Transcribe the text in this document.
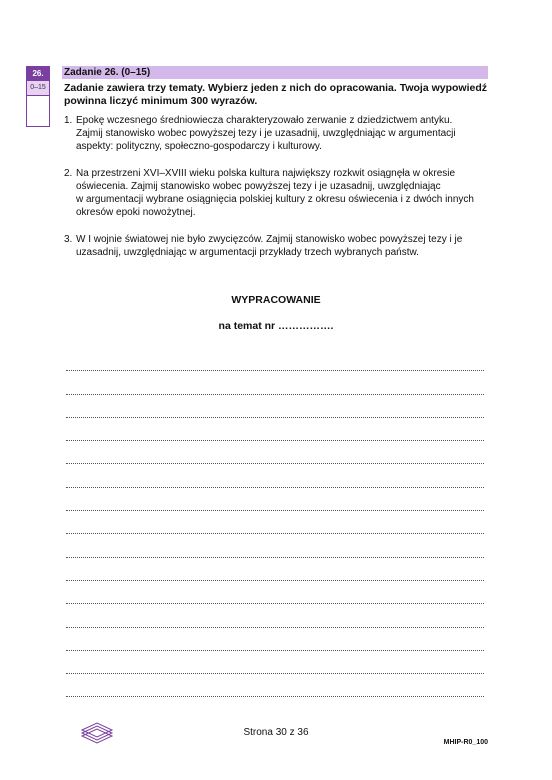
26.
0–15
Zadanie 26. (0–15)
Zadanie zawiera trzy tematy. Wybierz jeden z nich do opracowania. Twoja wypowiedź powinna liczyć minimum 300 wyrazów.
1. Epokę wczesnego średniowiecza charakteryzowało zerwanie z dziedzictwem antyku.
Zajmij stanowisko wobec powyższej tezy i je uzasadnij, uwzględniając w argumentacji
aspekty: polityczny, społeczno-gospodarczy i kulturowy.
2. Na przestrzeni XVI–XVIII wieku polska kultura największy rozkwit osiągnęła w okresie
oświecenia. Zajmij stanowisko wobec powyższej tezy i je uzasadnij, uwzględniając
w argumentacji wybrane osiągnięcia polskiej kultury z okresu oświecenia i z dwóch innych
okresów epoki nowożytnej.
3. W I wojnie światowej nie było zwycięzców. Zajmij stanowisko wobec powyższej tezy i je
uzasadnij, uwzględniając w argumentacji przykłady trzech wybranych państw.
WYPRACOWANIE
na temat nr …………….
Strona 30 z 36
MHIP-R0_100
